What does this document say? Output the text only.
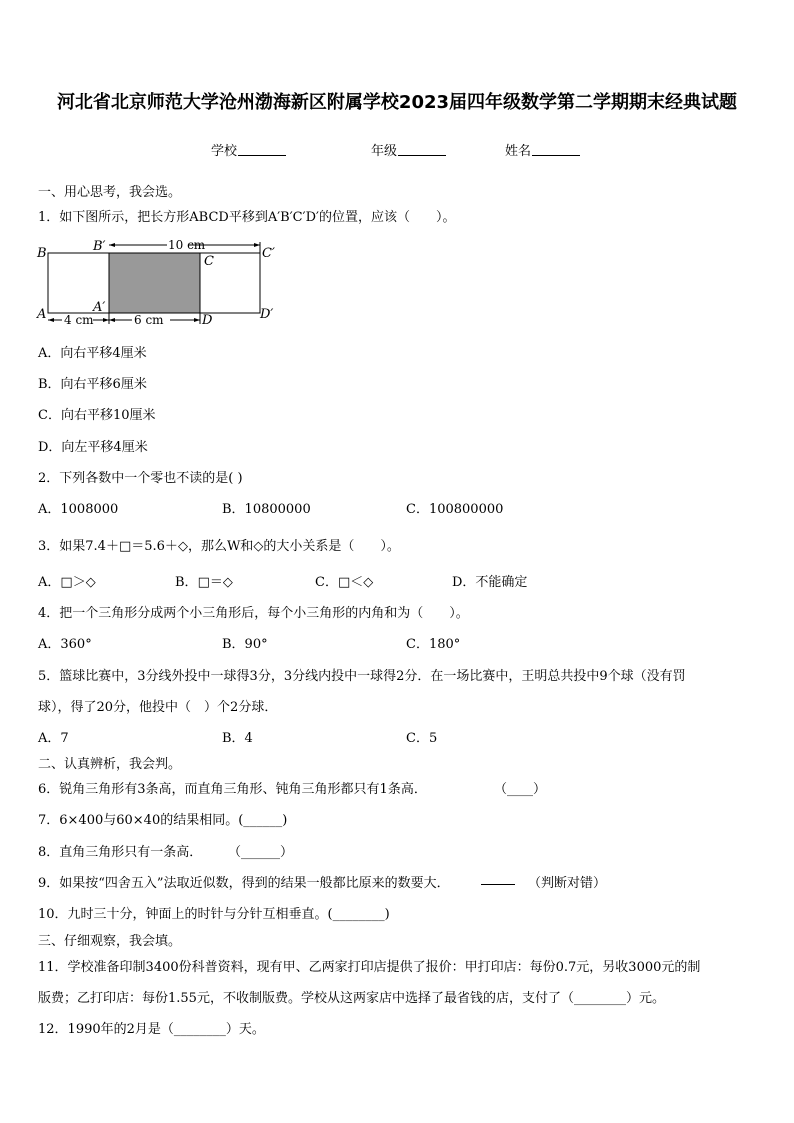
河北省北京师范大学沧州渤海新区附属学校2023届四年级数学第二学期期末经典试题
学校	年级	姓名
一、用心思考，我会选。
1．如下图所示，把长方形ABCD平移到A′B′C′D′的位置，应该（　　）。
B	B′	10 cm
C
C′
A′
A 4 cm	6 cm	D	D′
A．向右平移4厘米
B．向右平移6厘米
C．向右平移10厘米
D．向左平移4厘米
2．下列各数中一个零也不读的是( )
A．1008000	B．10800000	C．100800000
3．如果7.4＋□＝5.6＋◇，那么W和◇的大小关系是（　　）。
A．□＞◇	B．□＝◇	C．□＜◇	D．不能确定
4．把一个三角形分成两个小三角形后，每个小三角形的内角和为（　　）。
A．360°	B．90°	C．180°
5．篮球比赛中，3分线外投中一球得3分，3分线内投中一球得2分．在一场比赛中，王明总共投中9个球（没有罚
球），得了20分，他投中（　）个2分球．
A．7	B．4	C．5
二、认真辨析，我会判。
6．锐角三角形有3条高，而直角三角形、钝角三角形都只有1条高．	（____）
7．6×400与60×40的结果相同。(______)
8．直角三角形只有一条高． （______）
9．如果按“四舍五入”法取近似数，得到的结果一般都比原来的数要大．	（判断对错）
10．九时三十分，钟面上的时针与分针互相垂直。(________)
三、仔细观察，我会填。
11．学校准备印制3400份科普资料，现有甲、乙两家打印店提供了报价：甲打印店：每份0.7元，另收3000元的制
版费；乙打印店：每份1.55元，不收制版费。学校从这两家店中选择了最省钱的店，支付了（________）元。
12．1990年的2月是（________）天。
